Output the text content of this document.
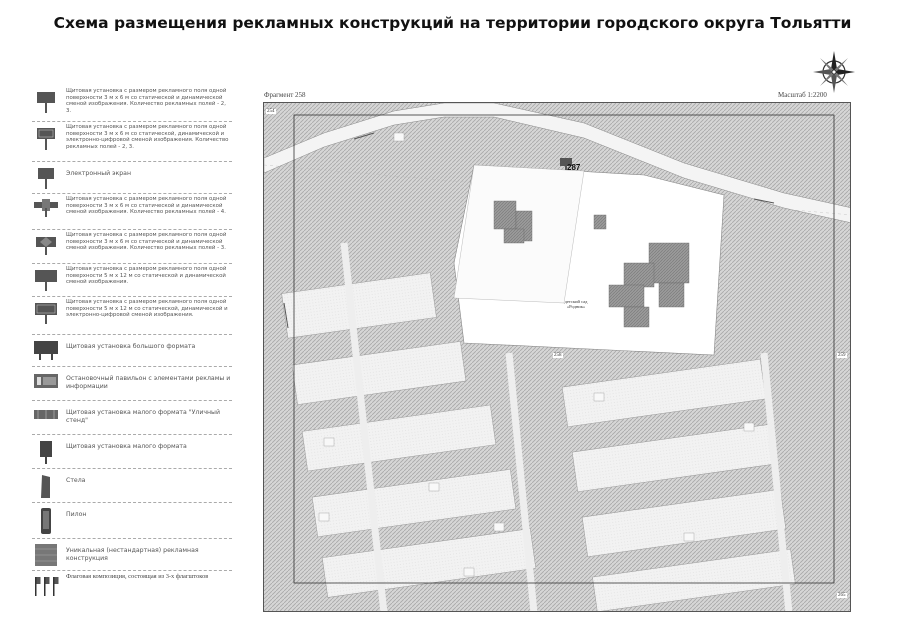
Схема размещения рекламных конструкций на территории городского округа Тольятти
Щитовая установка с размером рекламного поля одной поверхности 3 м х 6 м со статической и динамической сменой изображения. Количество рекламных полей - 2, 3.
Щитовая установка с размером рекламного поля одной поверхности 3 м х 6 м со статической, динамической и электронно-цифровой сменой изображения. Количество рекламных полей - 2, 3.
Электронный экран
Щитовая установка с размером рекламного поля одной поверхности 3 м х 6 м со статической и динамической сменой изображения. Количество рекламных полей - 4.
Щитовая установка с размером рекламного поля одной поверхности 3 м х 6 м со статической и динамической сменой изображения. Количество рекламных полей - 3.
Щитовая установка с размером рекламного поля одной поверхности 5 м х 12 м со статической и динамической сменой изображения.
Щитовая установка с размером рекламного поля одной поверхности 5 м х 12 м со статической, динамической и электронно-цифровой сменой изображения.
Щитовая установка большого формата
Остановочный павильон с элементами рекламы и информации
Щитовая установка малого формата "Уличный стенд"
Щитовая установка малого формата
Стела
Пилон
Уникальная (нестандартная) рекламная конструкция
Флаговая композиция, состоящая из 3-х флагштоков
Фрагмент 258	Масштаб 1:2200
287
254
258	259
265
детский сад «Родник»
